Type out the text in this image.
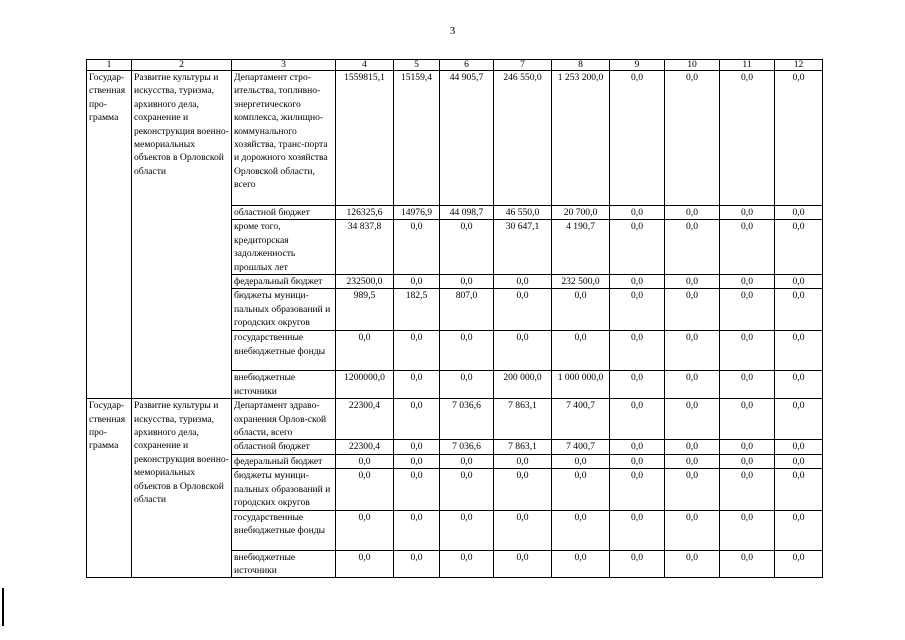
3
1	2	3	4	5	6	7	8	9	10	11	12
Государ-ственная про-грамма	Развитие культуры и искусства, туризма, архивного дела, сохранение и реконструкция военно-мемориальных объектов в Орловской области	Департамент стро-ительства, топливно-энергетического комплекса, жилищно-коммунального хозяйства, транс-порта и дорожного хозяйства Орловской области, всего	1559815,1	15159,4	44 905,7	246 550,0	1 253 200,0	0,0	0,0	0,0	0,0
		областной бюджет	126325,6	14976,9	44 098,7	46 550,0	20 700,0	0,0	0,0	0,0	0,0
		кроме того, кредиторская задолженность прошлых лет	34 837,8	0,0	0,0	30 647,1	4 190,7	0,0	0,0	0,0	0,0
		федеральный бюджет	232500,0	0,0	0,0	0,0	232 500,0	0,0	0,0	0,0	0,0
		бюджеты муници-пальных образований и городских округов	989,5	182,5	807,0	0,0	0,0	0,0	0,0	0,0	0,0
		государственные внебюджетные фонды	0,0	0,0	0,0	0,0	0,0	0,0	0,0	0,0	0,0
		внебюджетные источники	1200000,0	0,0	0,0	200 000,0	1 000 000,0	0,0	0,0	0,0	0,0
Государ-ственная про-грамма	Развитие культуры и искусства, туризма, архивного дела, сохранение и реконструкция военно-мемориальных объектов в Орловской области	Департамент здраво-охранения Орлов-ской области, всего	22300,4	0,0	7 036,6	7 863,1	7 400,7	0,0	0,0	0,0	0,0
		областной бюджет	22300,4	0,0	7 036,6	7 863,1	7 400,7	0,0	0,0	0,0	0,0
		федеральный бюджет	0,0	0,0	0,0	0,0	0,0	0,0	0,0	0,0	0,0
		бюджеты муници-пальных образований и городских округов	0,0	0,0	0,0	0,0	0,0	0,0	0,0	0,0	0,0
		государственные внебюджетные фонды	0,0	0,0	0,0	0,0	0,0	0,0	0,0	0,0	0,0
		внебюджетные источники	0,0	0,0	0,0	0,0	0,0	0,0	0,0	0,0	0,0
